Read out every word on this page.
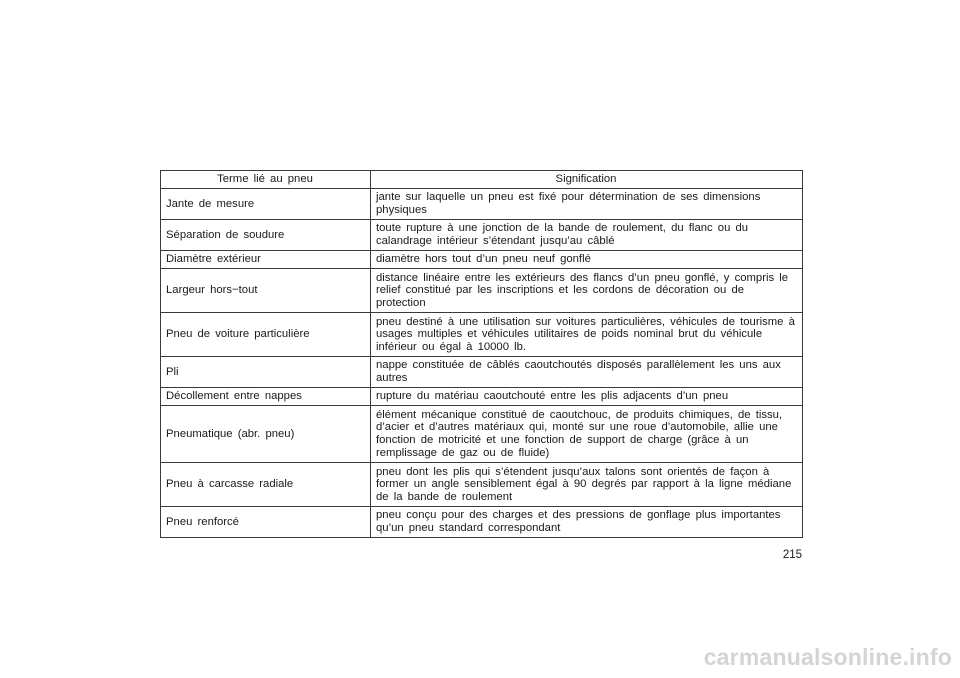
Terme lié au pneu	Signification
Jante de mesure	jante sur laquelle un pneu est fixé pour détermination de ses dimensions physiques
Séparation de soudure	toute rupture à une jonction de la bande de roulement, du flanc ou du calandrage intérieur s’étendant jusqu’au câblé
Diamètre extérieur	diamètre hors tout d’un pneu neuf gonflé
Largeur hors−tout	distance linéaire entre les extérieurs des flancs d’un pneu gonflé, y compris le relief constitué par les inscriptions et les cordons de décoration ou de protection
Pneu de voiture particulière	pneu destiné à une utilisation sur voitures particulières, véhicules de tourisme à usages multiples et véhicules utilitaires de poids nominal brut du véhicule inférieur ou égal à 10000 lb.
Pli	nappe constituée de câblés caoutchoutés disposés parallèlement les uns aux autres
Décollement entre nappes	rupture du matériau caoutchouté entre les plis adjacents d’un pneu
Pneumatique (abr. pneu)	élément mécanique constitué de caoutchouc, de produits chimiques, de tissu, d’acier et d’autres matériaux qui, monté sur une roue d’automobile, allie une fonction de motricité et une fonction de support de charge (grâce à un remplissage de gaz ou de fluide)
Pneu à carcasse radiale	pneu dont les plis qui s’étendent jusqu’aux talons sont orientés de façon à former un angle sensiblement égal à 90 degrés par rapport à la ligne médiane de la bande de roulement
Pneu renforcé	pneu conçu pour des charges et des pressions de gonflage plus importantes qu’un pneu standard correspondant
215
carmanualsonline.info
